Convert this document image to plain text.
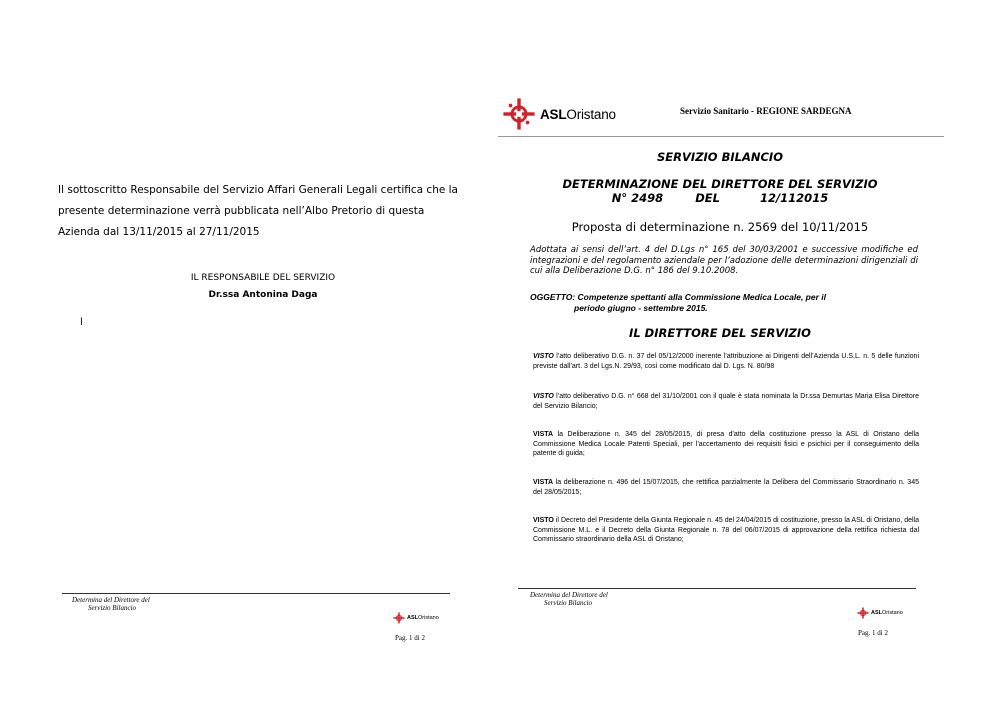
Il sottoscritto Responsabile del Servizio Affari Generali Legali certifica che la presente determinazione verrà pubblicata nell’Albo Pretorio di questa Azienda dal 13/11/2015 al 27/11/2015
IL RESPONSABILE DEL SERVIZIO
Dr.ssa Antonina Daga
l
Determina del Direttore del
Servizio Bilancio
ASLOristano
Pag. 1 di 2
ASLOristano	Servizio Sanitario - REGIONE SARDEGNA
SERVIZIO BILANCIO
DETERMINAZIONE DEL DIRETTORE DEL SERVIZIO
N° 2498        DEL          12/112015
Proposta di determinazione n. 2569 del 10/11/2015
Adottata ai sensi dell’art. 4 del D.Lgs n° 165 del 30/03/2001 e successive modifiche ed integrazioni e del regolamento aziendale per l’adozione delle determinazioni dirigenziali di cui alla Deliberazione D.G. n° 186 del 9.10.2008.
OGGETTO: Competenze spettanti alla Commissione Medica Locale, per il
periodo giugno - settembre 2015.
IL DIRETTORE DEL SERVIZIO
VISTO l’atto deliberativo D.G. n. 37 del 05/12/2000 inerente l’attribuzione ai Dirigenti dell’Azienda U.S.L. n. 5 delle funzioni previste dall’art. 3 del Lgs.N. 29/93, così come modificato dal D. Lgs. N. 80/98
VISTO l’atto deliberativo D.G. n° 668 del 31/10/2001 con il quale è stata nominata la Dr.ssa Demurtas Maria Elisa Direttore del Servizio Bilancio;
VISTA la Deliberazione n. 345 del 28/05/2015, di presa d'atto della costituzione presso la ASL di Oristano della Commissione Medica Locale Patenti Speciali, per l'accertamento dei requisiti fisici e psichici per il conseguimento della patente di guida;
VISTA la deliberazione n. 496 del 15/07/2015, che rettifica parzialmente la Delibera del Commissario Straordinario n. 345 del 28/05/2015;
VISTO il Decreto del Presidente della Giunta Regionale n. 45 del 24/04/2015 di costituzione, presso la ASL di Oristano, della Commissione M.L. e il Decreto della Giunta Regionale n. 78 del 06/07/2015 di approvazione della rettifica richiesta dal Commissario straordinario della ASL di Oristano;
Determina del Direttore del
Servizio Bilancio
ASLOristano
Pag. 1 di 2
